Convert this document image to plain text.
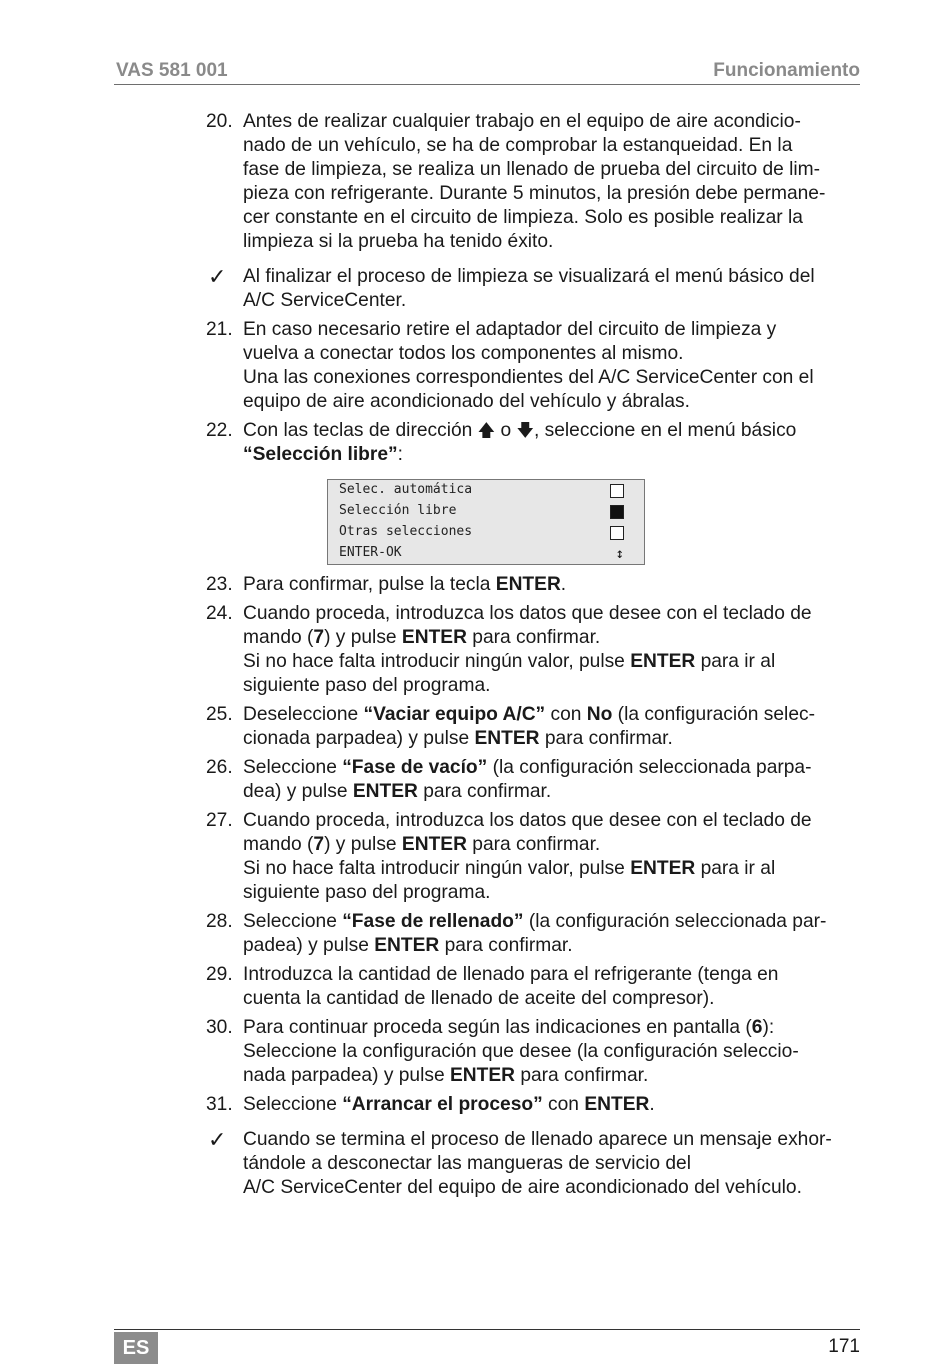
VAS 581 001	Funcionamiento
20. Antes de realizar cualquier trabajo en el equipo de aire acondicio-
nado de un vehículo, se ha de comprobar la estanqueidad. En la
fase de limpieza, se realiza un llenado de prueba del circuito de lim-
pieza con refrigerante. Durante 5 minutos, la presión debe permane-
cer constante en el circuito de limpieza. Solo es posible realizar la
limpieza si la prueba ha tenido éxito.
✓ Al finalizar el proceso de limpieza se visualizará el menú básico del
A/C ServiceCenter.
21. En caso necesario retire el adaptador del circuito de limpieza y
vuelva a conectar todos los componentes al mismo.
Una las conexiones correspondientes del A/C ServiceCenter con el
equipo de aire acondicionado del vehículo y ábralas.
22. Con las teclas de dirección 🡅 o 🡇, seleccione en el menú básico
“Selección libre”:
Selec. automática
Selección libre
Otras selecciones
ENTER-OK	↕
23. Para confirmar, pulse la tecla ENTER.
24. Cuando proceda, introduzca los datos que desee con el teclado de
mando (7) y pulse ENTER para confirmar.
Si no hace falta introducir ningún valor, pulse ENTER para ir al
siguiente paso del programa.
25. Deseleccione “Vaciar equipo A/C” con No (la configuración selec-
cionada parpadea) y pulse ENTER para confirmar.
26. Seleccione “Fase de vacío” (la configuración seleccionada parpa-
dea) y pulse ENTER para confirmar.
27. Cuando proceda, introduzca los datos que desee con el teclado de
mando (7) y pulse ENTER para confirmar.
Si no hace falta introducir ningún valor, pulse ENTER para ir al
siguiente paso del programa.
28. Seleccione “Fase de rellenado” (la configuración seleccionada par-
padea) y pulse ENTER para confirmar.
29. Introduzca la cantidad de llenado para el refrigerante (tenga en
cuenta la cantidad de llenado de aceite del compresor).
30. Para continuar proceda según las indicaciones en pantalla (6):
Seleccione la configuración que desee (la configuración seleccio-
nada parpadea) y pulse ENTER para confirmar.
31. Seleccione “Arrancar el proceso” con ENTER.
✓ Cuando se termina el proceso de llenado aparece un mensaje exhor-
tándole a desconectar las mangueras de servicio del
A/C ServiceCenter del equipo de aire acondicionado del vehículo.
ES	171
